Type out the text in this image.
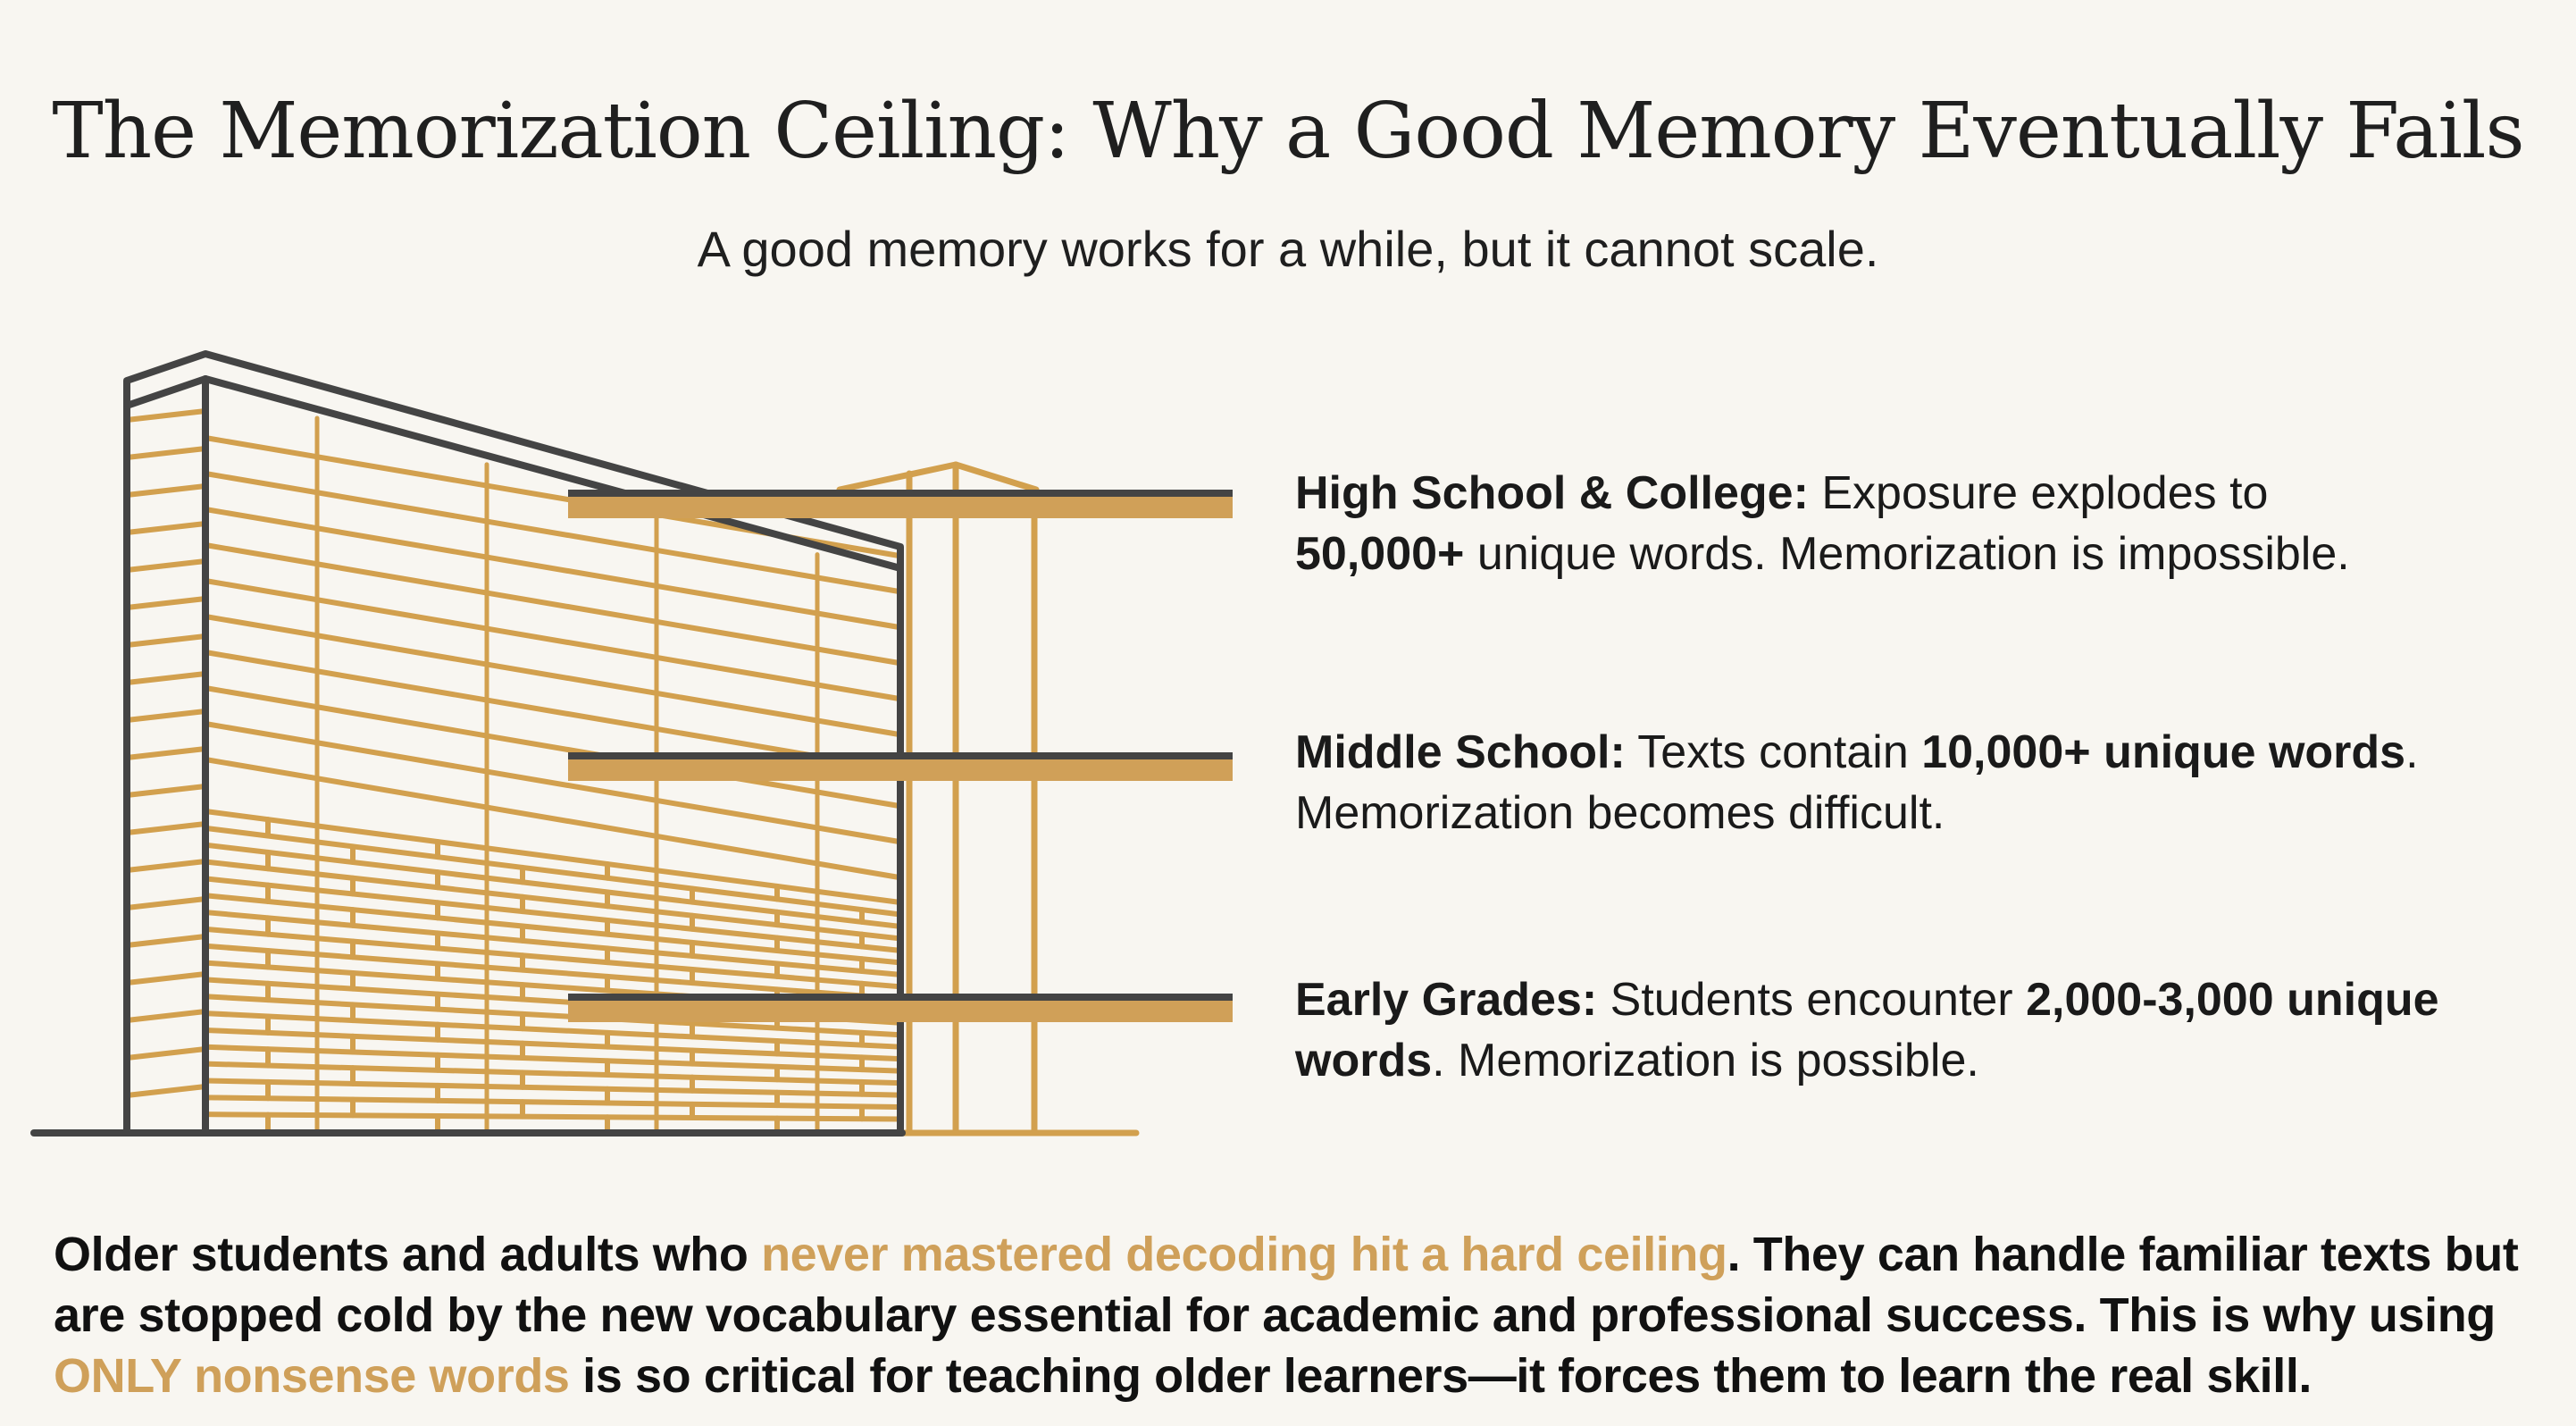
The Memorization Ceiling: Why a Good Memory Eventually Fails
A good memory works for a while, but it cannot scale.
High School & College: Exposure explodes to
50,000+ unique words. Memorization is impossible.
Middle School: Texts contain 10,000+ unique words. Memorization becomes difficult.
Early Grades: Students encounter 2,000-3,000 unique words. Memorization is possible.
Older students and adults who never mastered decoding hit a hard ceiling. They can handle familiar texts but are stopped cold by the new vocabulary essential for academic and professional success. This is why using ONLY nonsense words is so critical for teaching older learners—it forces them to learn the real skill.
